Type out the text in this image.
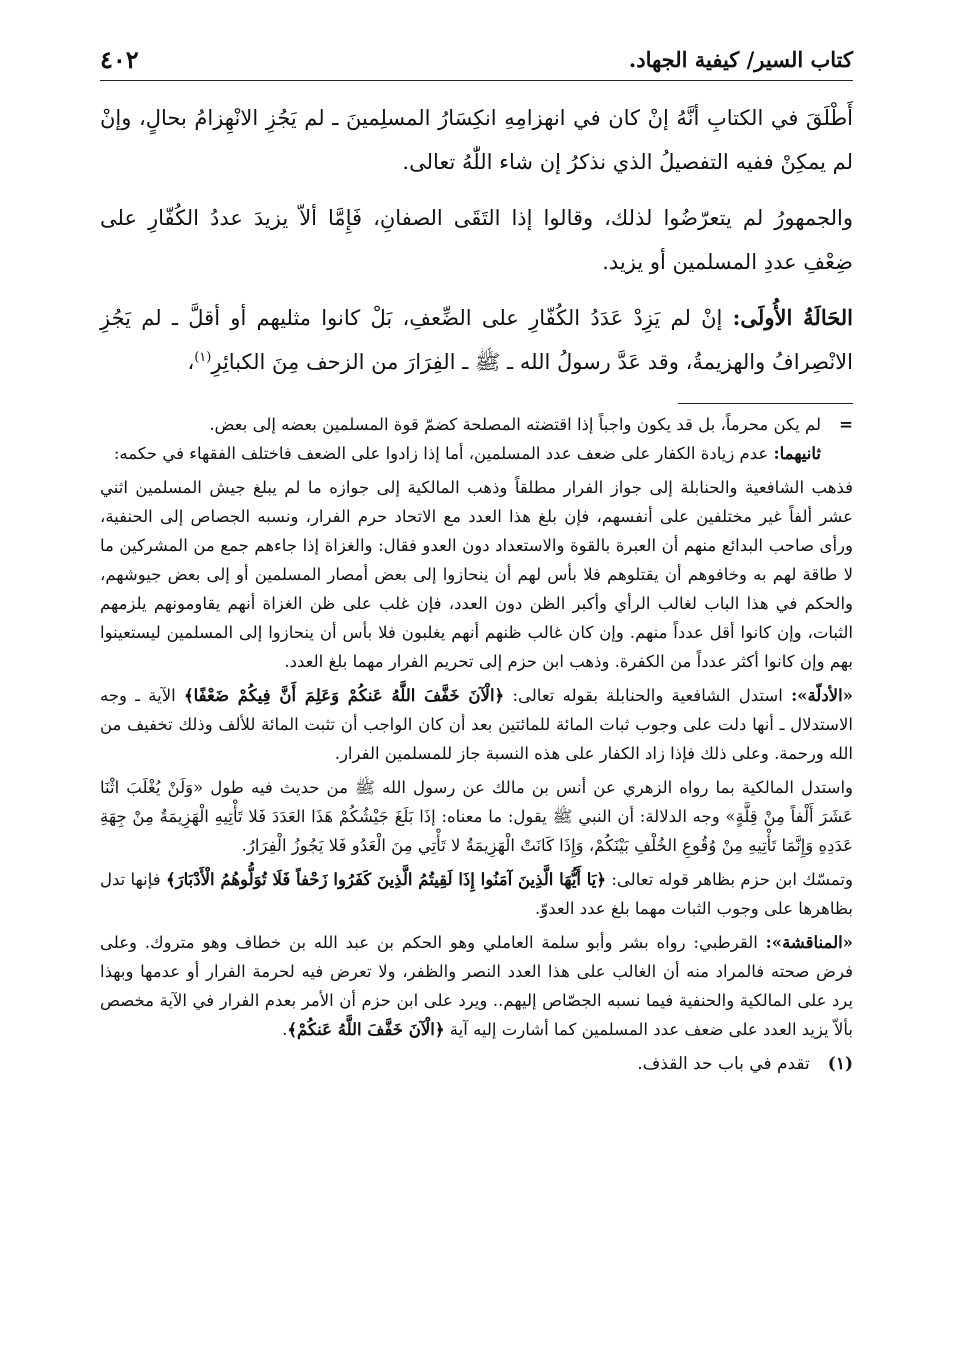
كتاب السير/ كيفية الجهاد.
٤٠٢

أَطْلَقَ في الكتابِ أنَّهُ إنْ كان في انهزامِهِ انكِسَارُ المسلِمينَ ـ لم يَجُزِ الانْهِزامُ بحالٍ، وإنْ لم يمكِنْ ففيه التفصيلُ الذي نذكرُ إن شاء اللّٰهُ تعالى.

والجمهورُ لم يتعرّضُوا لذلك، وقالوا إذا التَقَى الصفانِ، فَإِمَّا ألاّ يزيدَ عددُ الكُفّارِ على ضِعْفِ عددِ المسلمين أو يزيد.

الحَالَةُ الأُولَى: إنْ لم يَزِدْ عَدَدُ الكُفّارِ على الضِّعفِ، بَلْ كانوا مثليهم أو أقلَّ ـ لم يَجُزِ الانْصِرافُ والهزيمةُ، وقد عَدَّ رسولُ الله ـ ﷺ ـ الفِرَارَ من الزحف مِنَ الكبائِرِ$^{(١)}$،

=
لم يكن محرماً، بل قد يكون واجباً إذا اقتضته المصلحة كضمّ قوة المسلمين بعضه إلى بعض.
ثانيهما: عدم زيادة الكفار على ضعف عدد المسلمين، أما إذا زادوا على الضعف فاختلف الفقهاء في حكمه:

فذهب الشافعية والحنابلة إلى جواز الفرار مطلقاً وذهب المالكية إلى جوازه ما لم يبلغ جيش المسلمين اثني عشر ألفاً غير مختلفين على أنفسهم، فإن بلغ هذا العدد مع الاتحاد حرم الفرار، ونسبه الجصاص إلى الحنفية، ورأى صاحب البدائع منهم أن العبرة بالقوة والاستعداد دون العدو فقال: والغزاة إذا جاءهم جمع من المشركين ما لا طاقة لهم به وخافوهم أن يقتلوهم فلا بأس لهم أن ينحازوا إلى بعض أمصار المسلمين أو إلى بعض جيوشهم، والحكم في هذا الباب لغالب الرأي وأكبر الظن دون العدد، فإن غلب على ظن الغزاة أنهم يقاومونهم يلزمهم الثبات، وإن كانوا أقل عدداً منهم. وإن كان غالب ظنهم أنهم يغلبون فلا بأس أن ينحازوا إلى المسلمين ليستعينوا بهم وإن كانوا أكثر عدداً من الكفرة. وذهب ابن حزم إلى تحريم الفرار مهما بلغ العدد.

«الأدلّة»: استدل الشافعية والحنابلة بقوله تعالى: ﴿الْآنَ خَفَّفَ اللَّهُ عَنكُمْ وَعَلِمَ أَنَّ فِيكُمْ ضَعْفًا﴾ الآية ـ وجه الاستدلال ـ أنها دلت على وجوب ثبات المائة للمائتين بعد أن كان الواجب أن تثبت المائة للألف وذلك تخفيف من الله ورحمة. وعلى ذلك فإذا زاد الكفار على هذه النسبة جاز للمسلمين الفرار.

واستدل المالكية بما رواه الزهري عن أنس بن مالك عن رسول الله ﷺ من حديث فيه طول «وَلَنْ يُغْلَبَ اثْنَا عَشَرَ أَلْفاً مِنْ قِلَّةٍ» وجه الدلالة: أن النبي ﷺ يقول: ما معناه: إذَا بَلَغَ جَيْشُكُمْ هَذَا العَدَدَ فَلا تَأْتِيهِ الْهَزِيمَةُ مِنْ جِهَةِ عَدَدِهِ وَإِنَّمَا تَأْتِيهِ مِنْ وُقُوعِ الخُلْفِ بَيْنَكُمْ، وَإِذَا كَانَتْ الْهَزِيمَةُ لا تَأْتِي مِنَ الْعَدُو فَلا يَجُوزُ الْفِرَارُ.

وتمسّك ابن حزم بظاهر قوله تعالى: ﴿يَا أَيُّهَا الَّذِينَ آمَنُوا إِذَا لَقِيتُمُ الَّذِينَ كَفَرُوا زَحْفاً فَلَا تُوَلُّوهُمُ الْأَدْبَارَ﴾ فإنها تدل بظاهرها على وجوب الثبات مهما بلغ عدد العدوّ.

«المناقشة»: القرطبي: رواه بشر وأبو سلمة العاملي وهو الحكم بن عبد الله بن خطاف وهو متروك. وعلى فرض صحته فالمراد منه أن الغالب على هذا العدد النصر والظفر، ولا تعرض فيه لحرمة الفرار أو عدمها وبهذا يرد على المالكية والحنفية فيما نسبه الجصّاص إليهم.. ويرد على ابن حزم أن الأمر بعدم الفرار في الآية مخصص بألاّ يزيد العدد على ضعف عدد المسلمين كما أشارت إليه آية ﴿الْآنَ خَفَّفَ اللَّهُ عَنكُمْ﴾.

(١)
تقدم في باب حد القذف.
